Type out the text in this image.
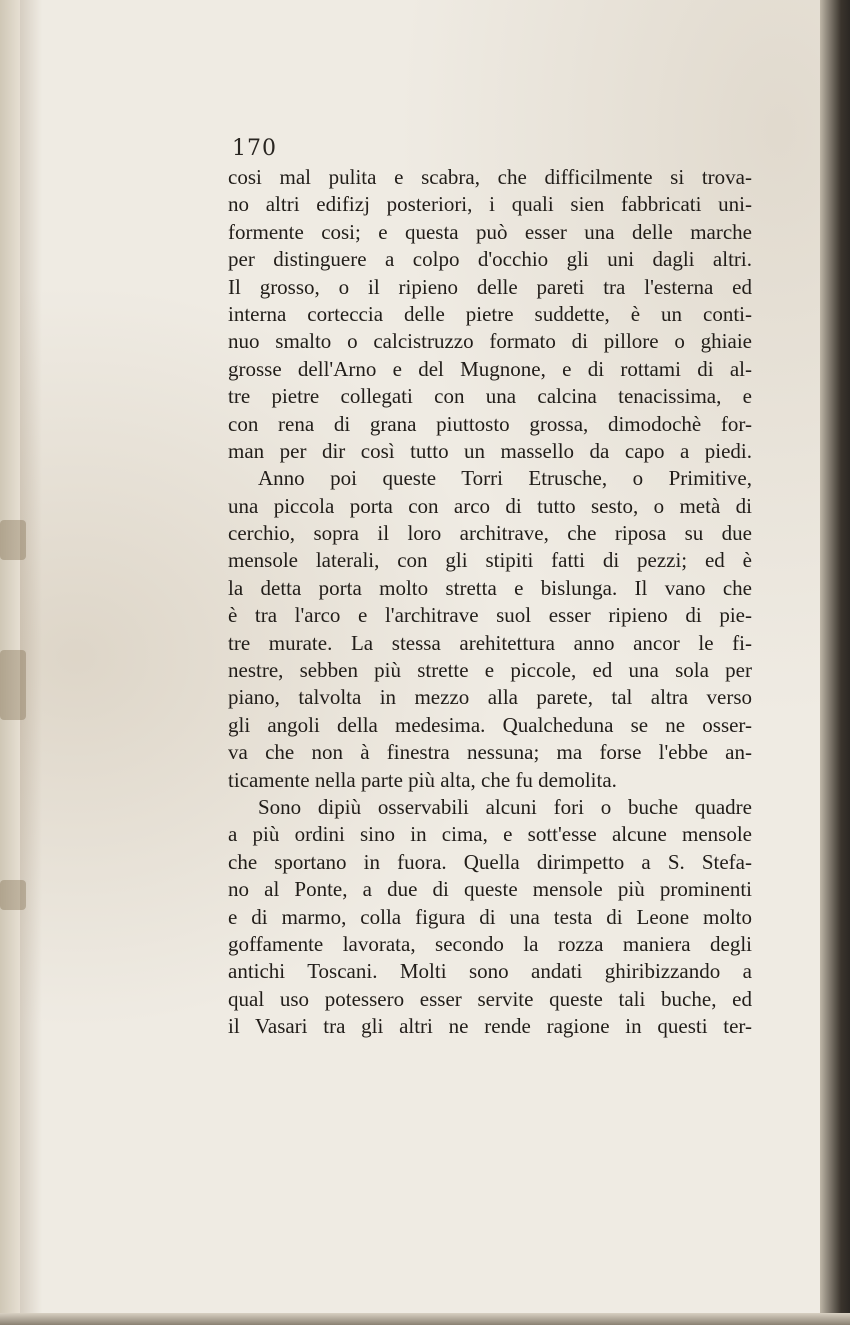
170
cosi mal pulita e scabra, che difficilmente si trova-
no altri edifizj posteriori, i quali sien fabbricati uni-
formente cosi; e questa può esser una delle marche
per distinguere a colpo d'occhio gli uni dagli altri.
Il grosso, o il ripieno delle pareti tra l'esterna ed
interna corteccia delle pietre suddette, è un conti-
nuo smalto o calcistruzzo formato di pillore o ghiaie
grosse dell'Arno e del Mugnone, e di rottami di al-
tre pietre collegati con una calcina tenacissima, e
con rena di grana piuttosto grossa, dimodochè for-
man per dir così tutto un massello da capo a piedi.
Anno poi queste Torri Etrusche, o Primitive,
una piccola porta con arco di tutto sesto, o metà di
cerchio, sopra il loro architrave, che riposa su due
mensole laterali, con gli stipiti fatti di pezzi; ed è
la detta porta molto stretta e bislunga. Il vano che
è tra l'arco e l'architrave suol esser ripieno di pie-
tre murate. La stessa arehitettura anno ancor le fi-
nestre, sebben più strette e piccole, ed una sola per
piano, talvolta in mezzo alla parete, tal altra verso
gli angoli della medesima. Qualcheduna se ne osser-
va che non à finestra nessuna; ma forse l'ebbe an-
ticamente nella parte più alta, che fu demolita.
Sono dipiù osservabili alcuni fori o buche quadre
a più ordini sino in cima, e sott'esse alcune mensole
che sportano in fuora. Quella dirimpetto a S. Stefa-
no al Ponte, a due di queste mensole più prominenti
e di marmo, colla figura di una testa di Leone molto
goffamente lavorata, secondo la rozza maniera degli
antichi Toscani. Molti sono andati ghiribizzando a
qual uso potessero esser servite queste tali buche, ed
il Vasari tra gli altri ne rende ragione in questi ter-
